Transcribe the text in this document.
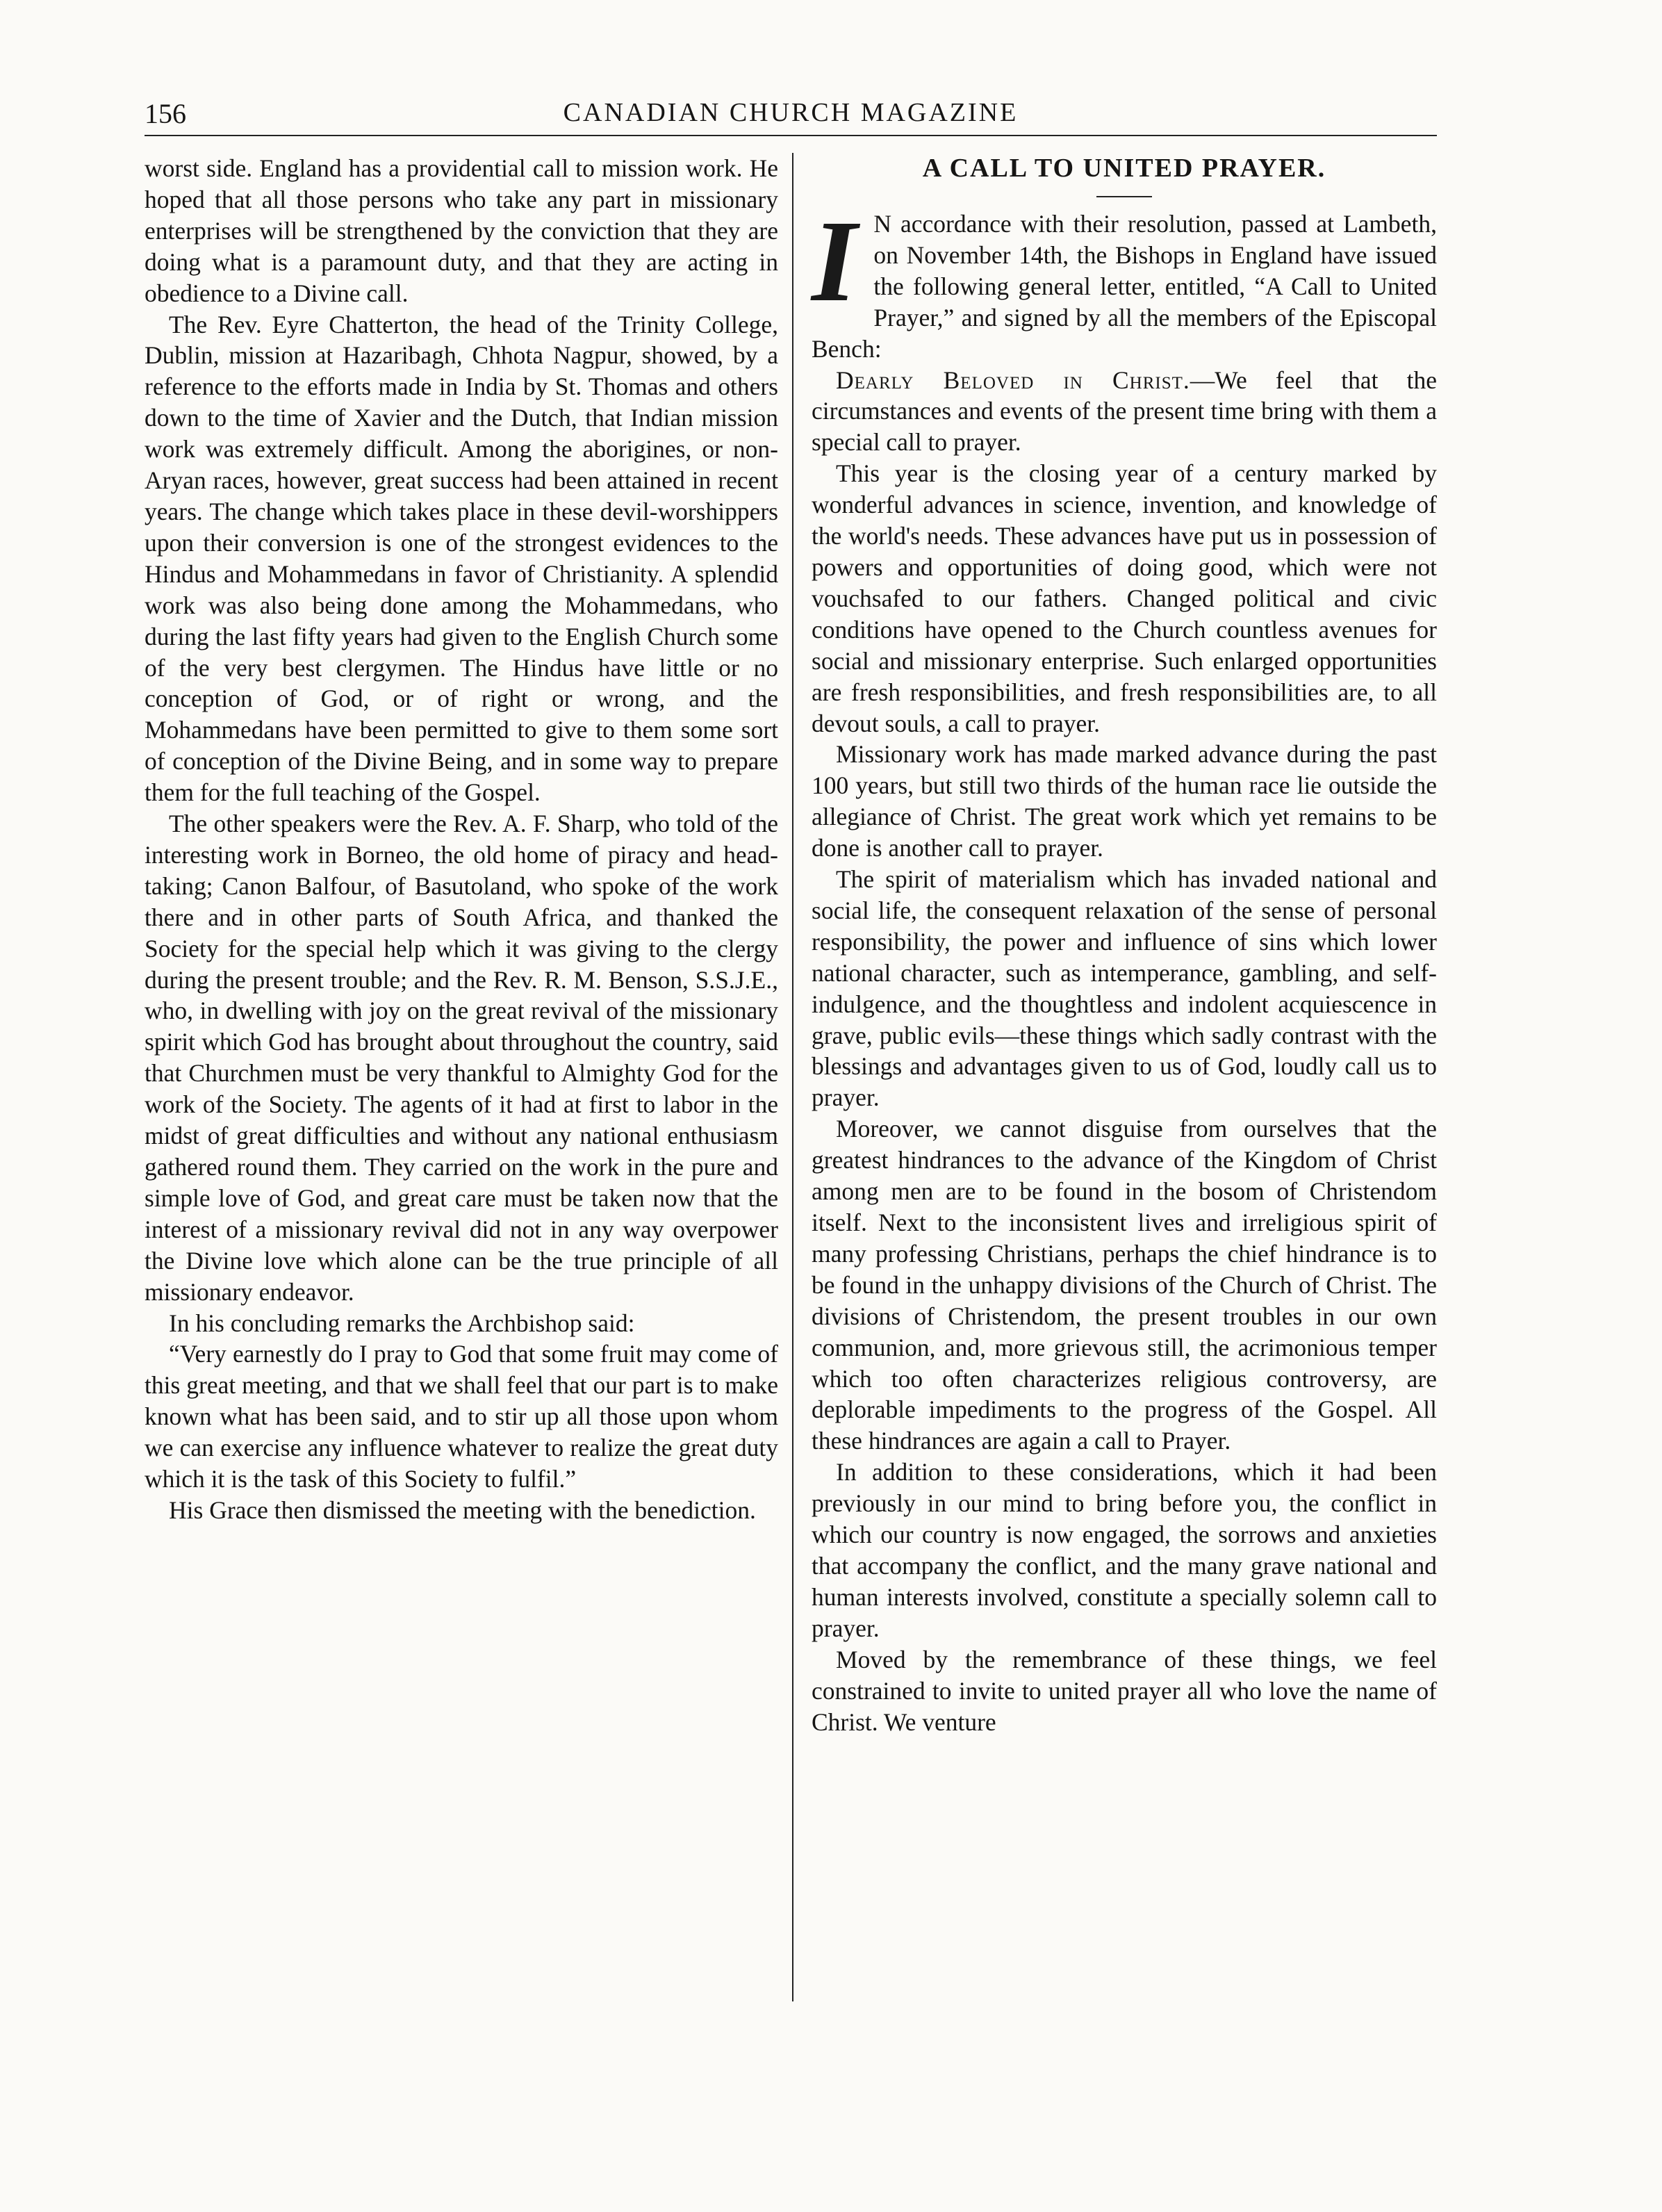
156	CANADIAN CHURCH MAGAZINE

worst side. England has a providential call to mission work. He hoped that all those persons who take any part in missionary enterprises will be strengthened by the conviction that they are doing what is a paramount duty, and that they are acting in obedience to a Divine call.

The Rev. Eyre Chatterton, the head of the Trinity College, Dublin, mission at Hazaribagh, Chhota Nagpur, showed, by a reference to the efforts made in India by St. Thomas and others down to the time of Xavier and the Dutch, that Indian mission work was extremely difficult. Among the aborigines, or non-Aryan races, however, great success had been attained in recent years. The change which takes place in these devil-worshippers upon their conversion is one of the strongest evidences to the Hindus and Mohammedans in favor of Christianity. A splendid work was also being done among the Mohammedans, who during the last fifty years had given to the English Church some of the very best clergymen. The Hindus have little or no conception of God, or of right or wrong, and the Mohammedans have been permitted to give to them some sort of conception of the Divine Being, and in some way to prepare them for the full teaching of the Gospel.

The other speakers were the Rev. A. F. Sharp, who told of the interesting work in Borneo, the old home of piracy and head-taking; Canon Balfour, of Basutoland, who spoke of the work there and in other parts of South Africa, and thanked the Society for the special help which it was giving to the clergy during the present trouble; and the Rev. R. M. Benson, S.S.J.E., who, in dwelling with joy on the great revival of the missionary spirit which God has brought about throughout the country, said that Churchmen must be very thankful to Almighty God for the work of the Society. The agents of it had at first to labor in the midst of great difficulties and without any national enthusiasm gathered round them. They carried on the work in the pure and simple love of God, and great care must be taken now that the interest of a missionary revival did not in any way overpower the Divine love which alone can be the true principle of all missionary endeavor.

In his concluding remarks the Archbishop said:

“Very earnestly do I pray to God that some fruit may come of this great meeting, and that we shall feel that our part is to make known what has been said, and to stir up all those upon whom we can exercise any influence whatever to realize the great duty which it is the task of this Society to fulfil.”

His Grace then dismissed the meeting with the benediction.

A CALL TO UNITED PRAYER.

I N accordance with their resolution, passed at Lambeth, on November 14th, the Bishops in England have issued the following general letter, entitled, “A Call to United Prayer,” and signed by all the members of the Episcopal Bench:

Dearly Beloved in Christ.—We feel that the circumstances and events of the present time bring with them a special call to prayer.

This year is the closing year of a century marked by wonderful advances in science, invention, and knowledge of the world's needs. These advances have put us in possession of powers and opportunities of doing good, which were not vouchsafed to our fathers. Changed political and civic conditions have opened to the Church countless avenues for social and missionary enterprise. Such enlarged opportunities are fresh responsibilities, and fresh responsibilities are, to all devout souls, a call to prayer.

Missionary work has made marked advance during the past 100 years, but still two thirds of the human race lie outside the allegiance of Christ. The great work which yet remains to be done is another call to prayer.

The spirit of materialism which has invaded national and social life, the consequent relaxation of the sense of personal responsibility, the power and influence of sins which lower national character, such as intemperance, gambling, and self-indulgence, and the thoughtless and indolent acquiescence in grave, public evils—these things which sadly contrast with the blessings and advantages given to us of God, loudly call us to prayer.

Moreover, we cannot disguise from ourselves that the greatest hindrances to the advance of the Kingdom of Christ among men are to be found in the bosom of Christendom itself. Next to the inconsistent lives and irreligious spirit of many professing Christians, perhaps the chief hindrance is to be found in the unhappy divisions of the Church of Christ. The divisions of Christendom, the present troubles in our own communion, and, more grievous still, the acrimonious temper which too often characterizes religious controversy, are deplorable impediments to the progress of the Gospel. All these hindrances are again a call to Prayer.

In addition to these considerations, which it had been previously in our mind to bring before you, the conflict in which our country is now engaged, the sorrows and anxieties that accompany the conflict, and the many grave national and human interests involved, constitute a specially solemn call to prayer.

Moved by the remembrance of these things, we feel constrained to invite to united prayer all who love the name of Christ. We venture
